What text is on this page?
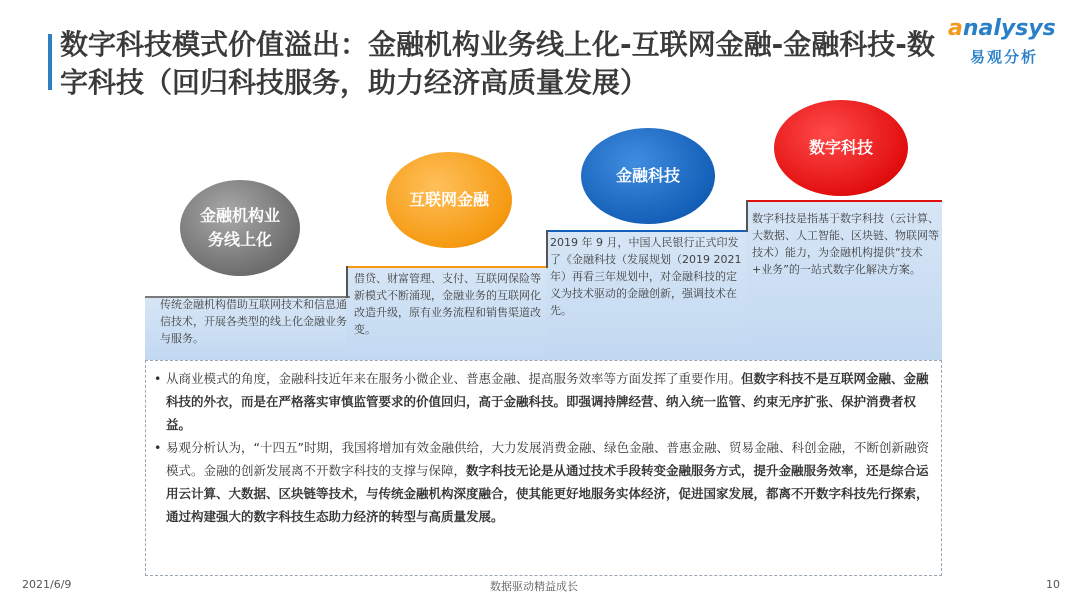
数字科技模式价值溢出：金融机构业务线上化-互联网金融-金融科技-数字科技（回归科技服务，助力经济高质量发展）
analysys
易观分析
金融机构业
务线上化
互联网金融
金融科技
数字科技
传统金融机构借助互联网技术和信息通信技术，开展各类型的线上化金融业务与服务。
借贷、财富管理、支付、互联网保险等新模式不断涌现，金融业务的互联网化改造升级，原有业务流程和销售渠道改变。
2019 年 9 月，中国人民银行正式印发了《金融科技（发展规划（2019 2021 年）再看三年规划中，对金融科技的定义为技术驱动的金融创新，强调技术在先。
数字科技是指基于数字科技（云计算、大数据、人工智能、区块链、物联网等技术）能力，为金融机构提供“技术+业务”的一站式数字化解决方案。
• 从商业模式的角度，金融科技近年来在服务小微企业、普惠金融、提高服务效率等方面发挥了重要作用。但数字科技不是互联网金融、金融科技的外衣，而是在严格落实审慎监管要求的价值回归，高于金融科技。即强调持牌经营、纳入统一监管、约束无序扩张、保护消费者权益。
• 易观分析认为，“十四五”时期，我国将增加有效金融供给，大力发展消费金融、绿色金融、普惠金融、贸易金融、科创金融，不断创新融资模式。金融的创新发展离不开数字科技的支撑与保障，数字科技无论是从通过技术手段转变金融服务方式，提升金融服务效率，还是综合运用云计算、大数据、区块链等技术，与传统金融机构深度融合，使其能更好地服务实体经济，促进国家发展，都离不开数字科技先行探索，通过构建强大的数字科技生态助力经济的转型与高质量发展。
2021/6/9	数据驱动精益成长	10
